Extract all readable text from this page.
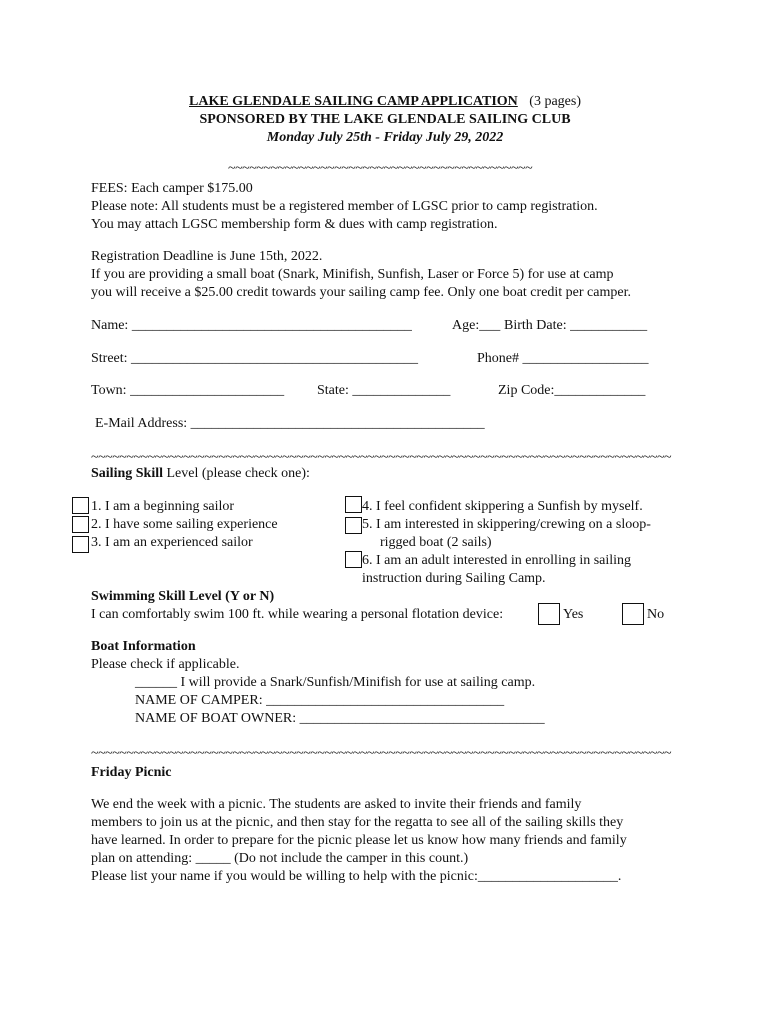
LAKE GLENDALE SAILING CAMP APPLICATION (3 pages)
SPONSORED BY THE LAKE GLENDALE SAILING CLUB
Monday July 25th - Friday July 29, 2022
~~~~~~~~~~~~~~~~~~~~~~~~~~~~~~~~~~~~~~~~~~~
FEES: Each camper $175.00
Please note: All students must be a registered member of LGSC prior to camp registration.
You may attach LGSC membership form & dues with camp registration.
Registration Deadline is June 15th, 2022.
If you are providing a small boat (Snark, Minifish, Sunfish, Laser or Force 5) for use at camp
you will receive a $25.00 credit towards your sailing camp fee. Only one boat credit per camper.
Name: ________________________________________	Age:___ Birth Date: ___________
Street: _________________________________________	Phone# __________________
Town: ______________________ State: ______________	Zip Code:_____________
E-Mail Address: __________________________________________
~~~~~~~~~~~~~~~~~~~~~~~~~~~~~~~~~~~~~~~~~~~~~~~~~~~~~~~~~~~~~~~~~~~~~~~~~~~~~~~~~~
Sailing Skill Level (please check one):
1. I am a beginning sailor
2. I have some sailing experience
3. I am an experienced sailor
4. I feel confident skippering a Sunfish by myself.
5. I am interested in skippering/crewing on a sloop-
rigged boat (2 sails)
6. I am an adult interested in enrolling in sailing
instruction during Sailing Camp.
Swimming Skill Level (Y or N)
I can comfortably swim 100 ft. while wearing a personal flotation device:	Yes	No
Boat Information
Please check if applicable.
______ I will provide a Snark/Sunfish/Minifish for use at sailing camp.
NAME OF CAMPER: __________________________________
NAME OF BOAT OWNER: ___________________________________
~~~~~~~~~~~~~~~~~~~~~~~~~~~~~~~~~~~~~~~~~~~~~~~~~~~~~~~~~~~~~~~~~~~~~~~~~~~~~~~~~~
Friday Picnic
We end the week with a picnic. The students are asked to invite their friends and family
members to join us at the picnic, and then stay for the regatta to see all of the sailing skills they
have learned. In order to prepare for the picnic please let us know how many friends and family
plan on attending: _____ (Do not include the camper in this count.)
Please list your name if you would be willing to help with the picnic:____________________.
